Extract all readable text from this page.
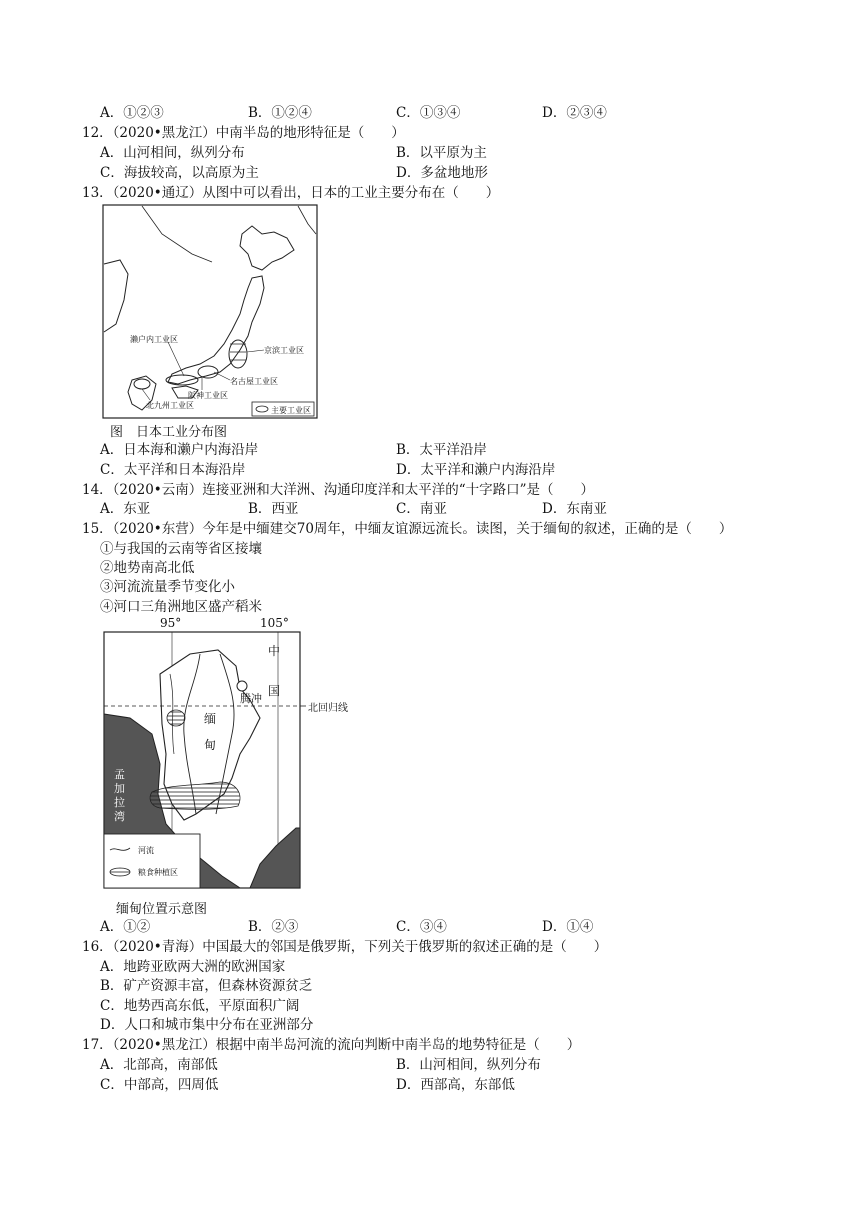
A．①②③	B．①②④	C．①③④	D．②③④
12．（2020•黑龙江）中南半岛的地形特征是（　　）
A．山河相间，纵列分布	B．以平原为主
C．海拔较高，以高原为主	D．多盆地地形
13．（2020•通辽）从图中可以看出，日本的工业主要分布在（　　）
濑户内工业区
京滨工业区
名古屋工业区
阪神工业区
北九州工业区
主要工业区
图　日本工业分布图
A．日本海和濑户内海沿岸	B．太平洋沿岸
C．太平洋和日本海沿岸	D．太平洋和濑户内海沿岸
14．（2020•云南）连接亚洲和大洋洲、沟通印度洋和太平洋的“十字路口”是（　　）
A．东亚	B．西亚	C．南亚	D．东南亚
15．（2020•东营）今年是中缅建交70周年，中缅友谊源远流长。读图，关于缅甸的叙述，正确的是（　　）
①与我国的云南等省区接壤
②地势南高北低
③河流流量季节变化小
④河口三角洲地区盛产稻米
95°	105°
中
国
腾冲
北回归线
缅
甸
孟
加
拉
湾
河流
粮食种植区
缅甸位置示意图
A．①②	B．②③	C．③④	D．①④
16．（2020•青海）中国最大的邻国是俄罗斯，下列关于俄罗斯的叙述正确的是（　　）
A．地跨亚欧两大洲的欧洲国家
B．矿产资源丰富，但森林资源贫乏
C．地势西高东低，平原面积广阔
D．人口和城市集中分布在亚洲部分
17．（2020•黑龙江）根据中南半岛河流的流向判断中南半岛的地势特征是（　　）
A．北部高，南部低	B．山河相间，纵列分布
C．中部高，四周低	D．西部高，东部低
